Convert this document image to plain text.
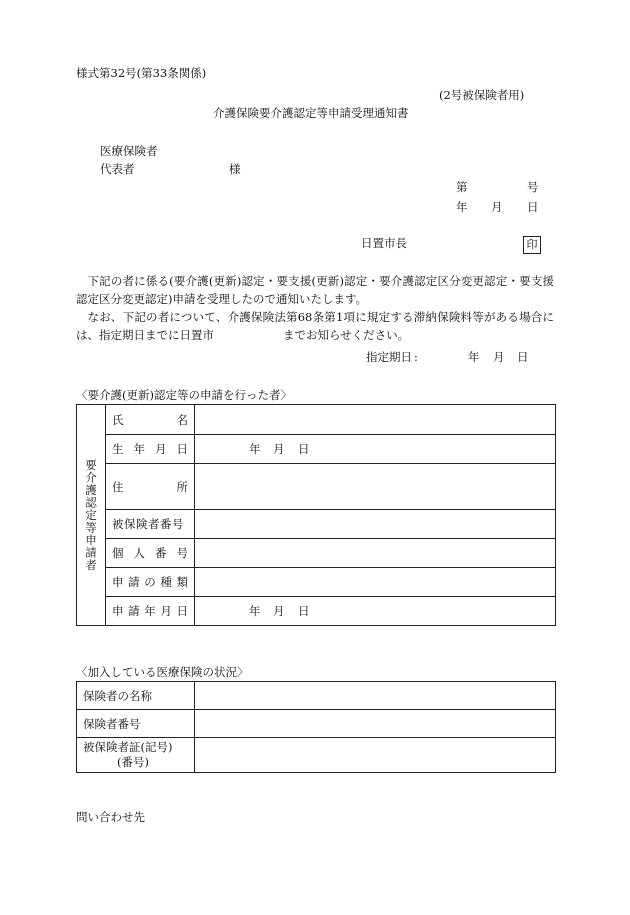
様式第32号(第33条関係)
(2号被保険者用)
介護保険要介護認定等申請受理通知書
医療保険者
代表者	様
第	号
年 月 日
日置市長	印

下記の者に係る(要介護(更新)認定・要支援(更新)認定・要介護認定区分変更認定・要支援認定区分変更認定)申請を受理したので通知いたします。

なお、下記の者について、介護保険法第68条第1項に規定する滞納保険料等がある場合には、指定期日までに日置市　　　　　　までお知らせください。

指定期日 :	年 月 日
〈要介護(更新)認定等の申請を行った者〉
要介護認定等申請者	氏 名	

	生 年 月 日	年 月 日

	住 所	

	被保険者番号	

	個 人 番 号	

	申 請 の 種 類	

	申 請 年 月 日	年 月 日
〈加入している医療保険の状況〉
保険者の名称	
保険者番号	

被保険者証(記号)
(番号)	

問い合わせ先
